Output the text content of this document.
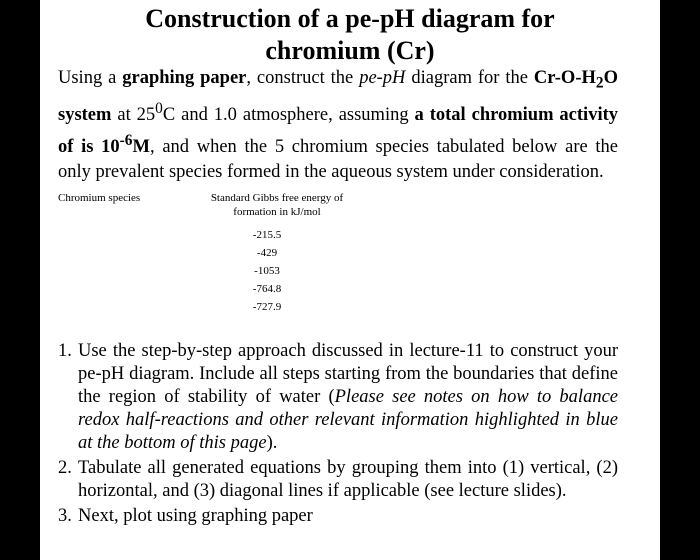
Construction of a pe-pH diagram for
chromium (Cr)

Using a graphing paper, construct the pe-pH diagram for the $Cr-O-H_2O$ system at $25^0C$ and 1.0 atmosphere, assuming a total chromium activity of is $10^{-6}M$, and when the 5 chromium species tabulated below are the only prevalent species formed in the aqueous system under consideration.

Chromium species	Standard Gibbs free energy of
formation in kJ/mol
-215.5
-429
-1053
-764.8
-727.9
1. Use the step-by-step approach discussed in lecture-11 to construct your pe-pH diagram. Include all steps starting from the boundaries that define the region of stability of water (Please see notes on how to balance redox half-reactions and other relevant information highlighted in blue at the bottom of this page).
2. Tabulate all generated equations by grouping them into (1) vertical, (2) horizontal, and (3) diagonal lines if applicable (see lecture slides).
3. Next, plot using graphing paper
